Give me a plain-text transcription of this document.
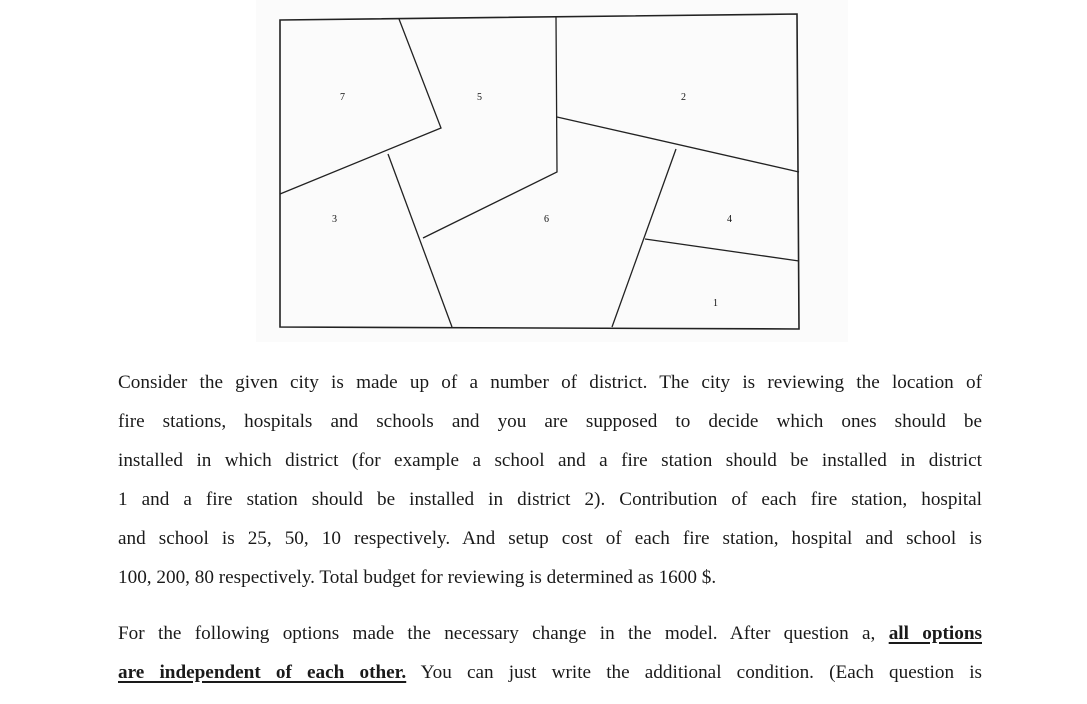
7	5	2
3	6	4
1
Consider the given city is made up of a number of district. The city is reviewing the location of
fire stations, hospitals and schools and you are supposed to decide which ones should be
installed in which district (for example a school and a fire station should be installed in district
1 and a fire station should be installed in district 2). Contribution of each fire station, hospital
and school is 25, 50, 10 respectively. And setup cost of each fire station, hospital and school is
100, 200, 80 respectively. Total budget for reviewing is determined as 1600 $.
For the following options made the necessary change in the model. After question a, all options
are independent of each other. You can just write the additional condition. (Each question is
